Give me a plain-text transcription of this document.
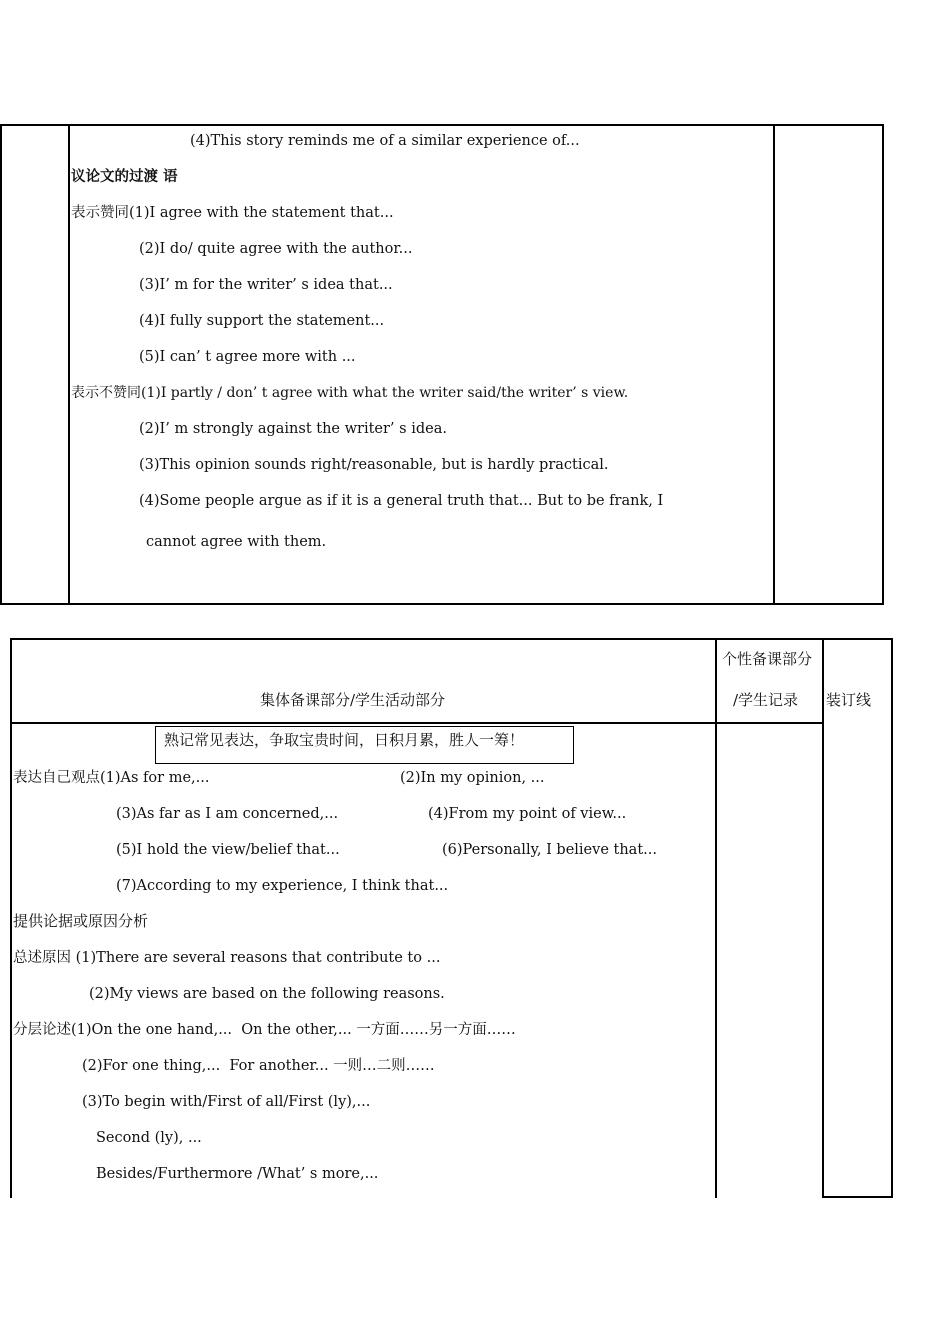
(4)This story reminds me of a similar experience of...
议论文的过渡 语
表示赞同(1)I agree with the statement that...
(2)I do/ quite agree with the author...
(3)I’ m for the writer’ s idea that...
(4)I fully support the statement...
(5)I can’ t agree more with ...
表示不赞同(1)I partly / don’ t agree with what the writer said/the writer’ s view.
(2)I’ m strongly against the writer’ s idea.
(3)This opinion sounds right/reasonable, but is hardly practical.
(4)Some people argue as if it is a general truth that... But to be frank, I
cannot agree with them.
集体备课部分/学生活动部分
个性备课部分
/学生记录 装订线
熟记常见表达，争取宝贵时间，日积月累，胜人一筹！
表达自己观点(1)As for me,...	(2)In my opinion, ...
(3)As far as I am concerned,...	(4)From my point of view...
(5)I hold the view/belief that...	(6)Personally, I believe that...
(7)According to my experience, I think that...
提供论据或原因分析
总述原因 (1)There are several reasons that contribute to ...
(2)My views are based on the following reasons.
分层论述(1)On the one hand,...  On the other,... 一方面……另一方面……
(2)For one thing,...  For another... 一则…二则……
(3)To begin with/First of all/First (ly),...
Second (ly), ...
Besides/Furthermore /What’ s more,...
